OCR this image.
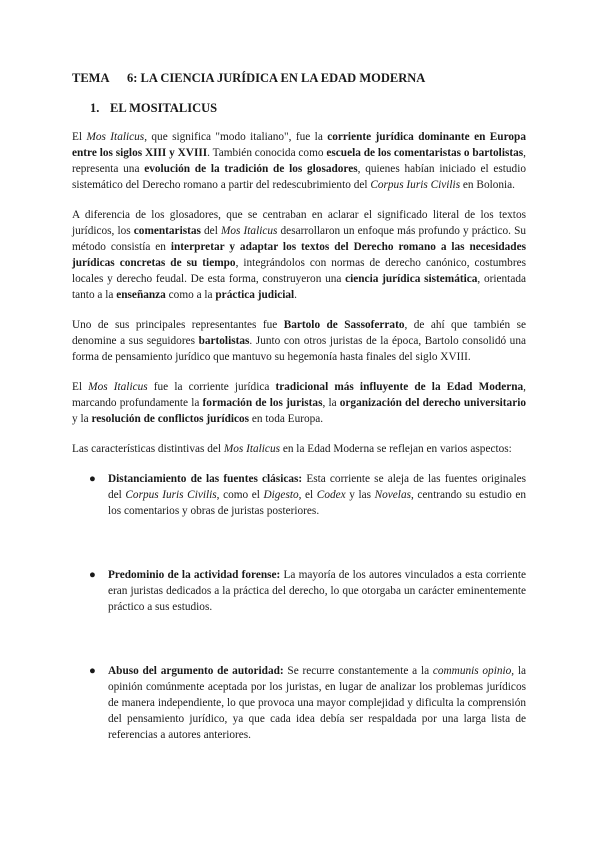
TEMA	6: LA CIENCIA JURÍDICA EN LA EDAD MODERNA
1. EL MOSITALICUS

El Mos Italicus, que significa "modo italiano", fue la corriente jurídica dominante en Europa entre los siglos XIII y XVIII. También conocida como escuela de los comentaristas o bartolistas, representa una evolución de la tradición de los glosadores, quienes habían iniciado el estudio sistemático del Derecho romano a partir del redescubrimiento del Corpus Iuris Civilis en Bolonia.

A diferencia de los glosadores, que se centraban en aclarar el significado literal de los textos jurídicos, los comentaristas del Mos Italicus desarrollaron un enfoque más profundo y práctico. Su método consistía en interpretar y adaptar los textos del Derecho romano a las necesidades jurídicas concretas de su tiempo, integrándolos con normas de derecho canónico, costumbres locales y derecho feudal. De esta forma, construyeron una ciencia jurídica sistemática, orientada tanto a la enseñanza como a la práctica judicial.

Uno de sus principales representantes fue Bartolo de Sassoferrato, de ahí que también se denomine a sus seguidores bartolistas. Junto con otros juristas de la época, Bartolo consolidó una forma de pensamiento jurídico que mantuvo su hegemonía hasta finales del siglo XVIII.

El Mos Italicus fue la corriente jurídica tradicional más influyente de la Edad Moderna, marcando profundamente la formación de los juristas, la organización del derecho universitario y la resolución de conflictos jurídicos en toda Europa.

Las características distintivas del Mos Italicus en la Edad Moderna se reflejan en varios aspectos:

● Distanciamiento de las fuentes clásicas: Esta corriente se aleja de las fuentes originales del Corpus Iuris Civilis, como el Digesto, el Codex y las Novelas, centrando su estudio en los comentarios y obras de juristas posteriores.
● Predominio de la actividad forense: La mayoría de los autores vinculados a esta corriente eran juristas dedicados a la práctica del derecho, lo que otorgaba un carácter eminentemente práctico a sus estudios.
● Abuso del argumento de autoridad: Se recurre constantemente a la communis opinio, la opinión comúnmente aceptada por los juristas, en lugar de analizar los problemas jurídicos de manera independiente, lo que provoca una mayor complejidad y dificulta la comprensión del pensamiento jurídico, ya que cada idea debía ser respaldada por una larga lista de referencias a autores anteriores.
